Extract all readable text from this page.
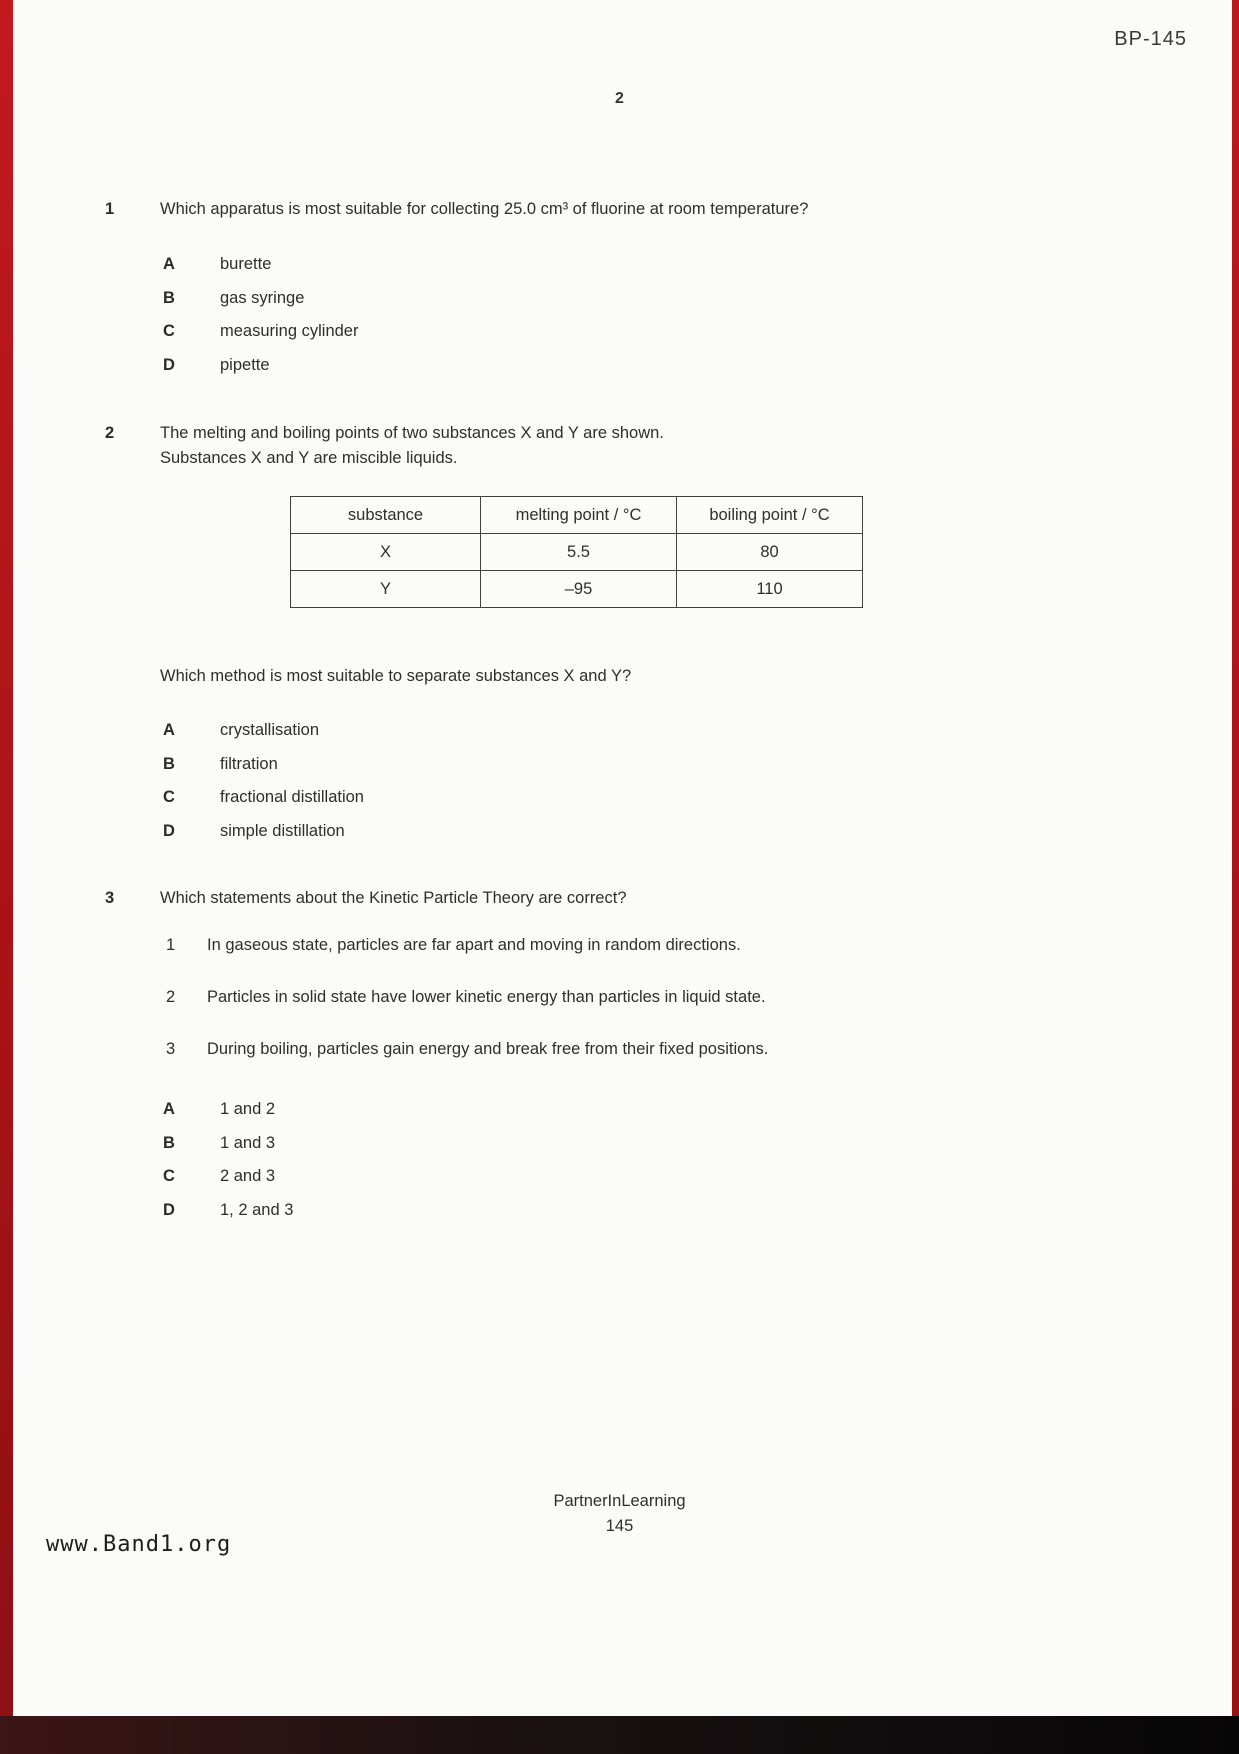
BP-145
2
1	Which apparatus is most suitable for collecting 25.0 cm³ of fluorine at room temperature?
A	burette
B	gas syringe
C	measuring cylinder
D	pipette
2	The melting and boiling points of two substances X and Y are shown.
Substances X and Y are miscible liquids.
substance	melting point / °C	boiling point / °C
X	5.5	80
Y	–95	110
Which method is most suitable to separate substances X and Y?
A	crystallisation
B	filtration
C	fractional distillation
D	simple distillation
3	Which statements about the Kinetic Particle Theory are correct?
1	In gaseous state, particles are far apart and moving in random directions.
2	Particles in solid state have lower kinetic energy than particles in liquid state.
3	During boiling, particles gain energy and break free from their fixed positions.
A	1 and 2
B	1 and 3
C	2 and 3
D	1, 2 and 3
PartnerInLearning
145
www.Band1.org
